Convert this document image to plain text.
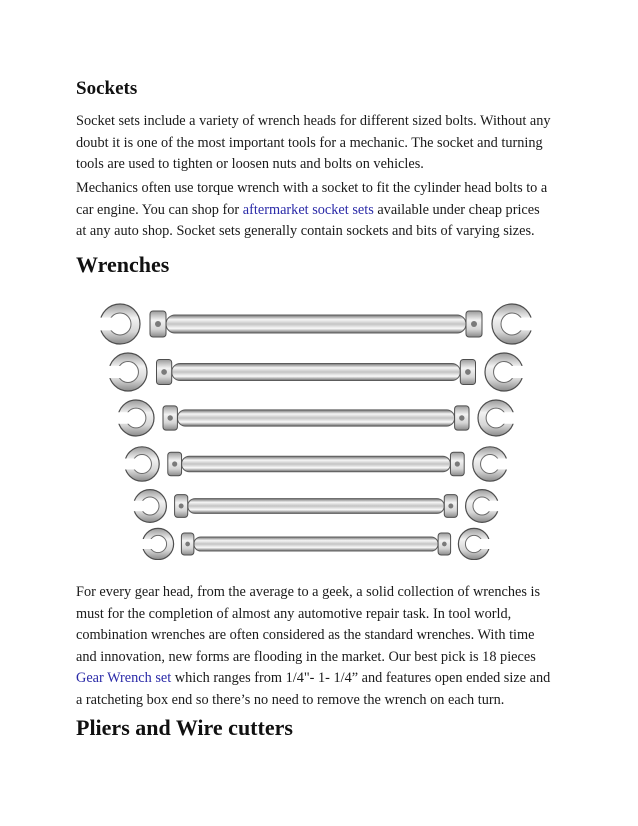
Sockets

Socket sets include a variety of wrench heads for different sized bolts. Without any
doubt it is one of the most important tools for a mechanic. The socket and turning
tools are used to tighten or loosen nuts and bolts on vehicles.

Mechanics often use torque wrench with a socket to fit the cylinder head bolts to a
car engine. You can shop for aftermarket socket sets available under cheap prices
at any auto shop. Socket sets generally contain sockets and bits of varying sizes.

Wrenches

For every gear head, from the average to a geek, a solid collection of wrenches is
must for the completion of almost any automotive repair task. In tool world,
combination wrenches are often considered as the standard wrenches. With time
and innovation, new forms are flooding in the market. Our best pick is 18 pieces
Gear Wrench set which ranges from 1/4"- 1- 1/4” and features open ended size and
a ratcheting box end so there’s no need to remove the wrench on each turn.

Pliers and Wire cutters
